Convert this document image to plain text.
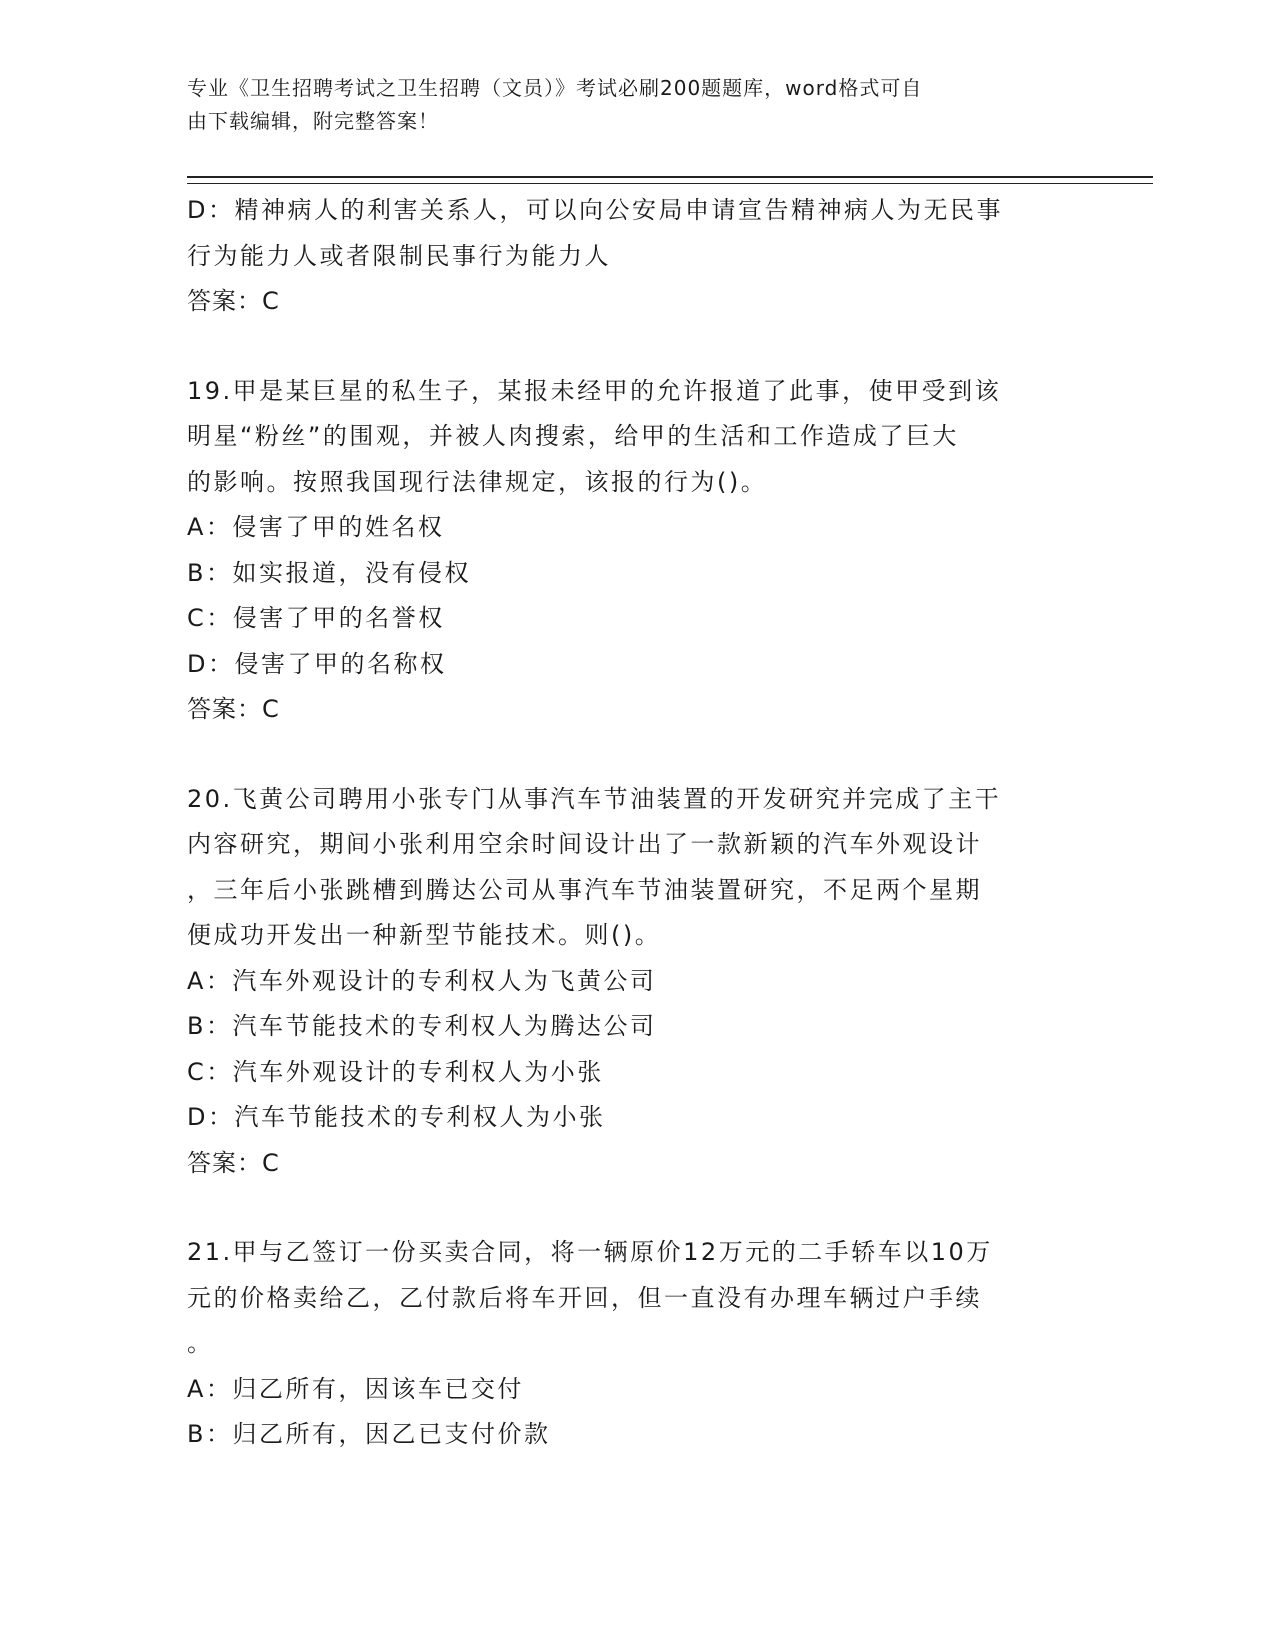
专业《卫生招聘考试之卫生招聘（文员）》考试必刷200题题库，word格式可自
由下载编辑，附完整答案！
D：精神病人的利害关系人，可以向公安局申请宣告精神病人为无民事
行为能力人或者限制民事行为能力人
答案：C
19.甲是某巨星的私生子，某报未经甲的允许报道了此事，使甲受到该
明星“粉丝”的围观，并被人肉搜索，给甲的生活和工作造成了巨大
的影响。按照我国现行法律规定，该报的行为()。
A：侵害了甲的姓名权
B：如实报道，没有侵权
C：侵害了甲的名誉权
D：侵害了甲的名称权
答案：C
20.飞黄公司聘用小张专门从事汽车节油装置的开发研究并完成了主干
内容研究，期间小张利用空余时间设计出了一款新颖的汽车外观设计
，三年后小张跳槽到腾达公司从事汽车节油装置研究，不足两个星期
便成功开发出一种新型节能技术。则()。
A：汽车外观设计的专利权人为飞黄公司
B：汽车节能技术的专利权人为腾达公司
C：汽车外观设计的专利权人为小张
D：汽车节能技术的专利权人为小张
答案：C
21.甲与乙签订一份买卖合同，将一辆原价12万元的二手轿车以10万
元的价格卖给乙，乙付款后将车开回，但一直没有办理车辆过户手续
。
A：归乙所有，因该车已交付
B：归乙所有，因乙已支付价款
